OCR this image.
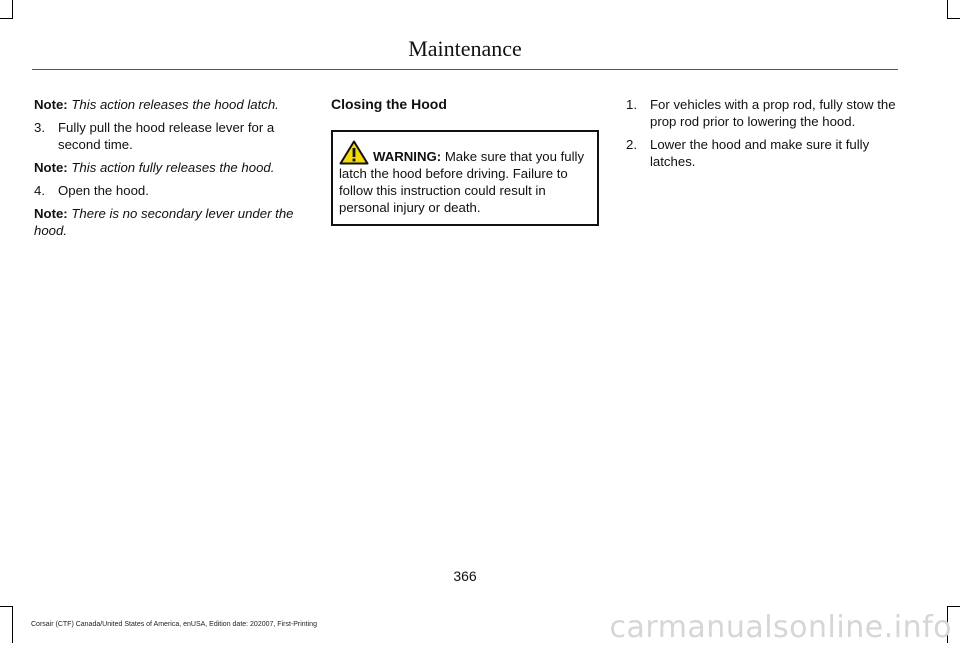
Maintenance

Note: This action releases the hood latch.

3. Fully pull the hood release lever for a second time.

Note: This action fully releases the hood.

4. Open the hood.

Note: There is no secondary lever under the hood.

Closing the Hood
WARNING: Make sure that you fully latch the hood before driving. Failure to follow this instruction could result in personal injury or death.
1. For vehicles with a prop rod, fully stow the prop rod prior to lowering the hood.
2. Lower the hood and make sure it fully latches.
366
Corsair (CTF) Canada/United States of America, enUSA, Edition date: 202007, First-Printing	carmanualsonline.info
